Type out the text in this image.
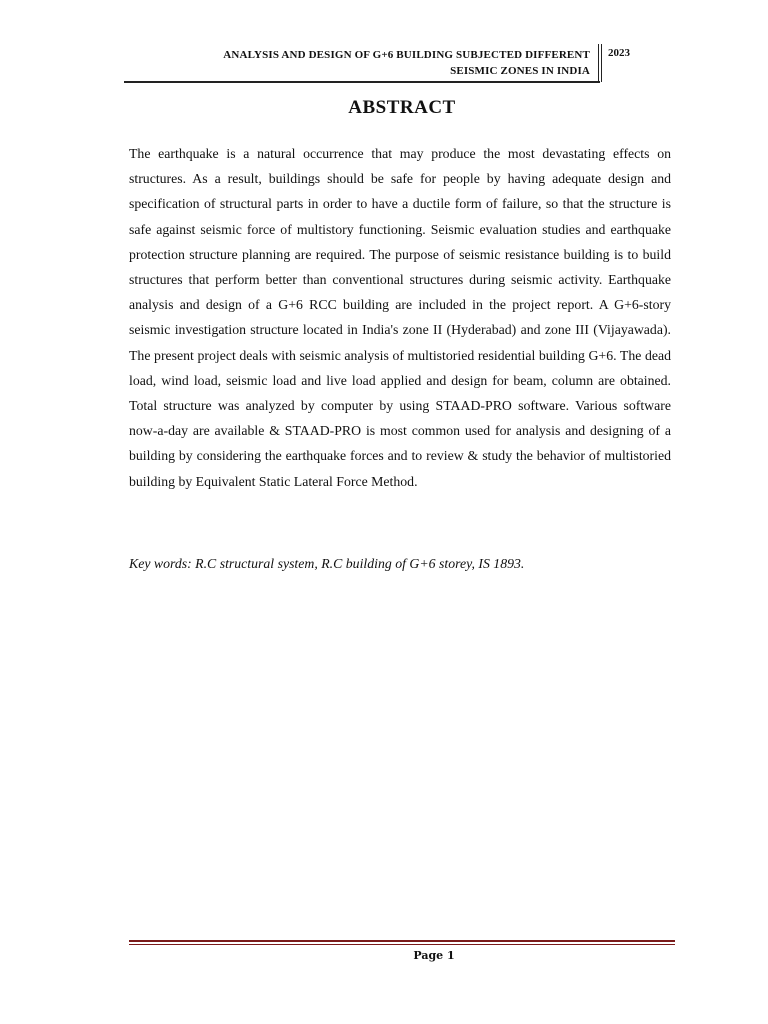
ANALYSIS AND DESIGN OF G+6 BUILDING SUBJECTED DIFFERENT
SEISMIC ZONES IN INDIA
2023
ABSTRACT

The earthquake is a natural occurrence that may produce the most devastating effects on structures. As a result, buildings should be safe for people by having adequate design and specification of structural parts in order to have a ductile form of failure, so that the structure is safe against seismic force of multistory functioning. Seismic evaluation studies and earthquake protection structure planning are required. The purpose of seismic resistance building is to build structures that perform better than conventional structures during seismic activity. Earthquake analysis and design of a G+6 RCC building are included in the project report. A G+6-story seismic investigation structure located in India's zone II (Hyderabad) and zone III (Vijayawada). The present project deals with seismic analysis of multistoried residential building G+6. The dead load, wind load, seismic load and live load applied and design for beam, column are obtained. Total structure was analyzed by computer by using STAAD-PRO software. Various software now-a-day are available & STAAD-PRO is most common used for analysis and designing of a building by considering the earthquake forces and to review & study the behavior of multistoried building by Equivalent Static Lateral Force Method.

Key words: R.C structural system, R.C building of G+6 storey, IS 1893.

Page 1
